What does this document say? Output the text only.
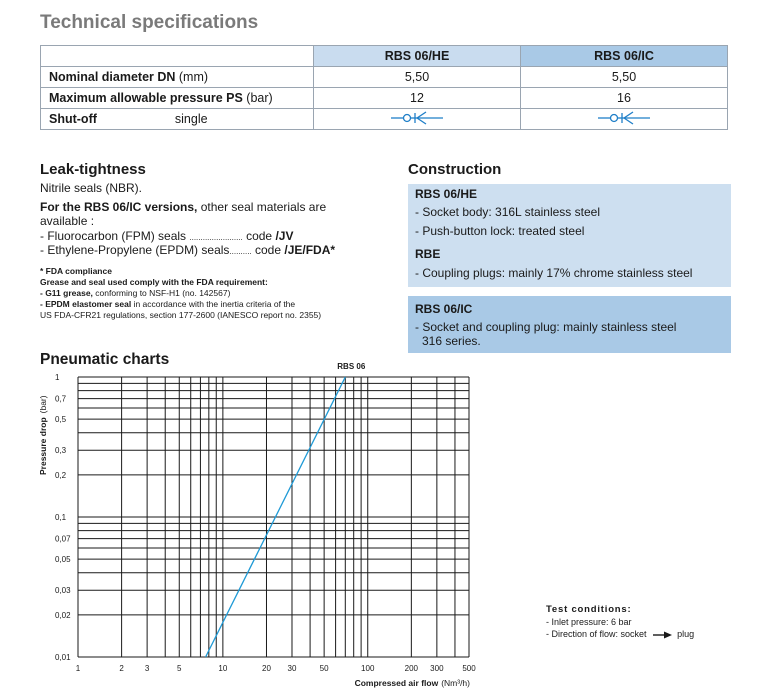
Technical specifications
	RBS 06/HE	RBS 06/IC
Nominal diameter DN (mm)	5,50	5,50
Maximum allowable pressure PS (bar)	12	16
Shut-off single		
Leak-tightness
Nitrile seals (NBR).
For the RBS 06/IC versions, other seal materials are
available :
- Fluorocarbon (FPM) seals ........................ code /JV
- Ethylene-Propylene (EPDM) seals.......... code /JE/FDA*
* FDA compliance
Grease and seal used comply with the FDA requirement:
- G11 grease, conforming to NSF-H1 (no. 142567)
- EPDM elastomer seal in accordance with the inertia criteria of the
US FDA-CFR21 regulations, section 177-2600 (IANESCO report no. 2355)
Construction
RBS 06/HE
- Socket body: 316L stainless steel
- Push-button lock: treated steel
RBE
- Coupling plugs: mainly 17% chrome stainless steel
RBS 06/IC
- Socket and coupling plug: mainly stainless steel
316 series.
Pneumatic charts
1
0,7
0,5
0,3
0,2
0,1
0,07
0,05
0,03
0,02
0,01
1	2	3	5	10	20 30	50	100	200 300 500
RBS 06
Pressure drop(bar)
Compressed air flow (Nm³/h)
Test conditions:
- Inlet pressure: 6 bar
- Direction of flow: socket	plug
